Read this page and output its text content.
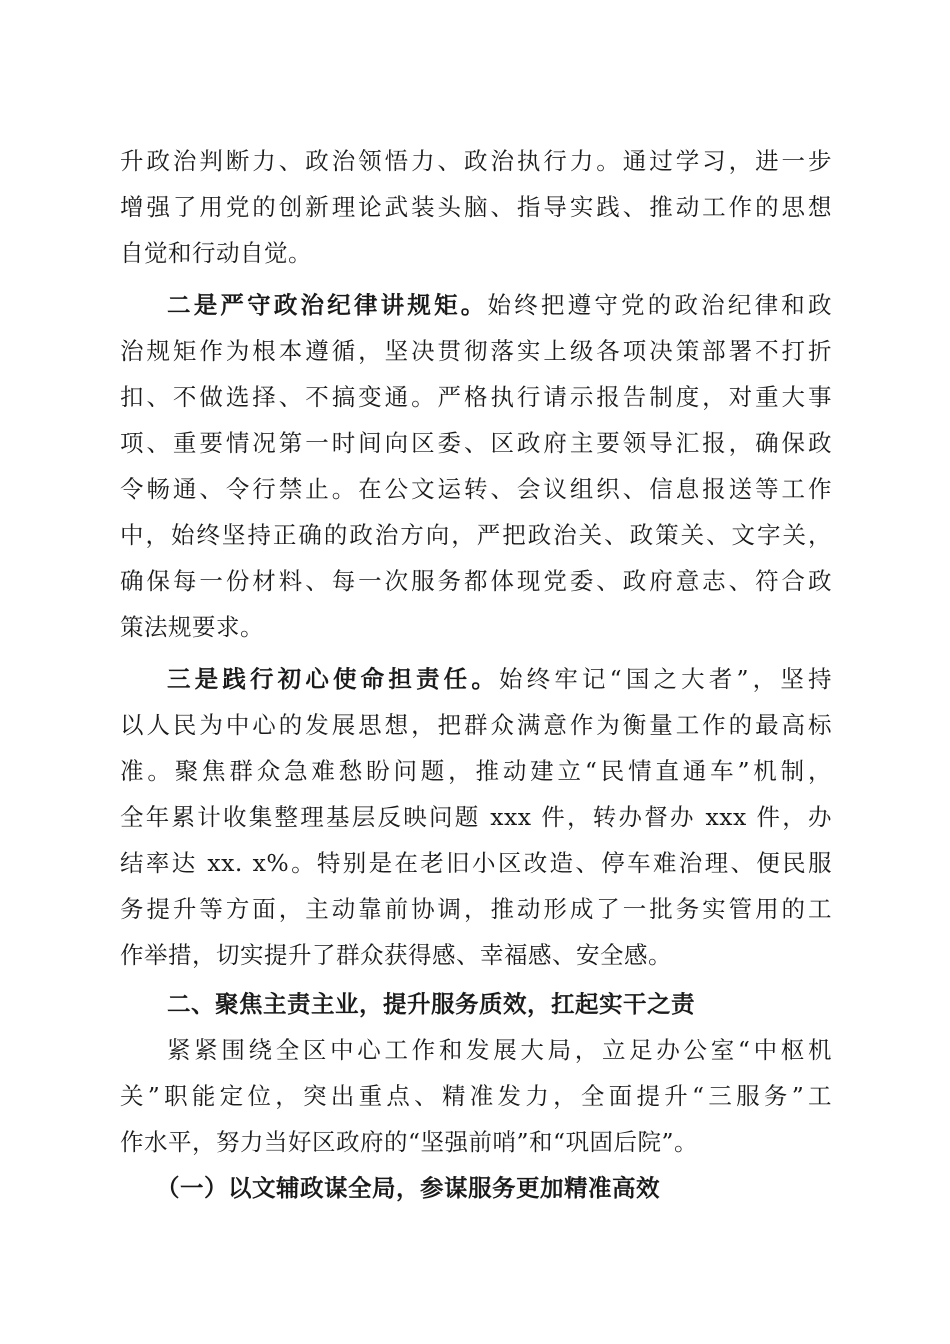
升政治判断力、政治领悟力、政治执行力。通过学习，进一步
增强了用党的创新理论武装头脑、指导实践、推动工作的思想
自觉和行动自觉。
二是严守政治纪律讲规矩。始终把遵守党的政治纪律和政
治规矩作为根本遵循，坚决贯彻落实上级各项决策部署不打折
扣、不做选择、不搞变通。严格执行请示报告制度，对重大事
项、重要情况第一时间向区委、区政府主要领导汇报，确保政
令畅通、令行禁止。在公文运转、会议组织、信息报送等工作
中，始终坚持正确的政治方向，严把政治关、政策关、文字关，
确保每一份材料、每一次服务都体现党委、政府意志、符合政
策法规要求。
三是践行初心使命担责任。始终牢记“国之大者”，坚持
以人民为中心的发展思想，把群众满意作为衡量工作的最高标
准。聚焦群众急难愁盼问题，推动建立“民情直通车”机制，
全年累计收集整理基层反映问题 xxx 件，转办督办 xxx 件，办
结率达 xx. x%。特别是在老旧小区改造、停车难治理、便民服
务提升等方面，主动靠前协调，推动形成了一批务实管用的工
作举措，切实提升了群众获得感、幸福感、安全感。
二、聚焦主责主业，提升服务质效，扛起实干之责
紧紧围绕全区中心工作和发展大局，立足办公室“中枢机
关”职能定位，突出重点、精准发力，全面提升“三服务”工
作水平，努力当好区政府的“坚强前哨”和“巩固后院”。
（一）以文辅政谋全局，参谋服务更加精准高效
